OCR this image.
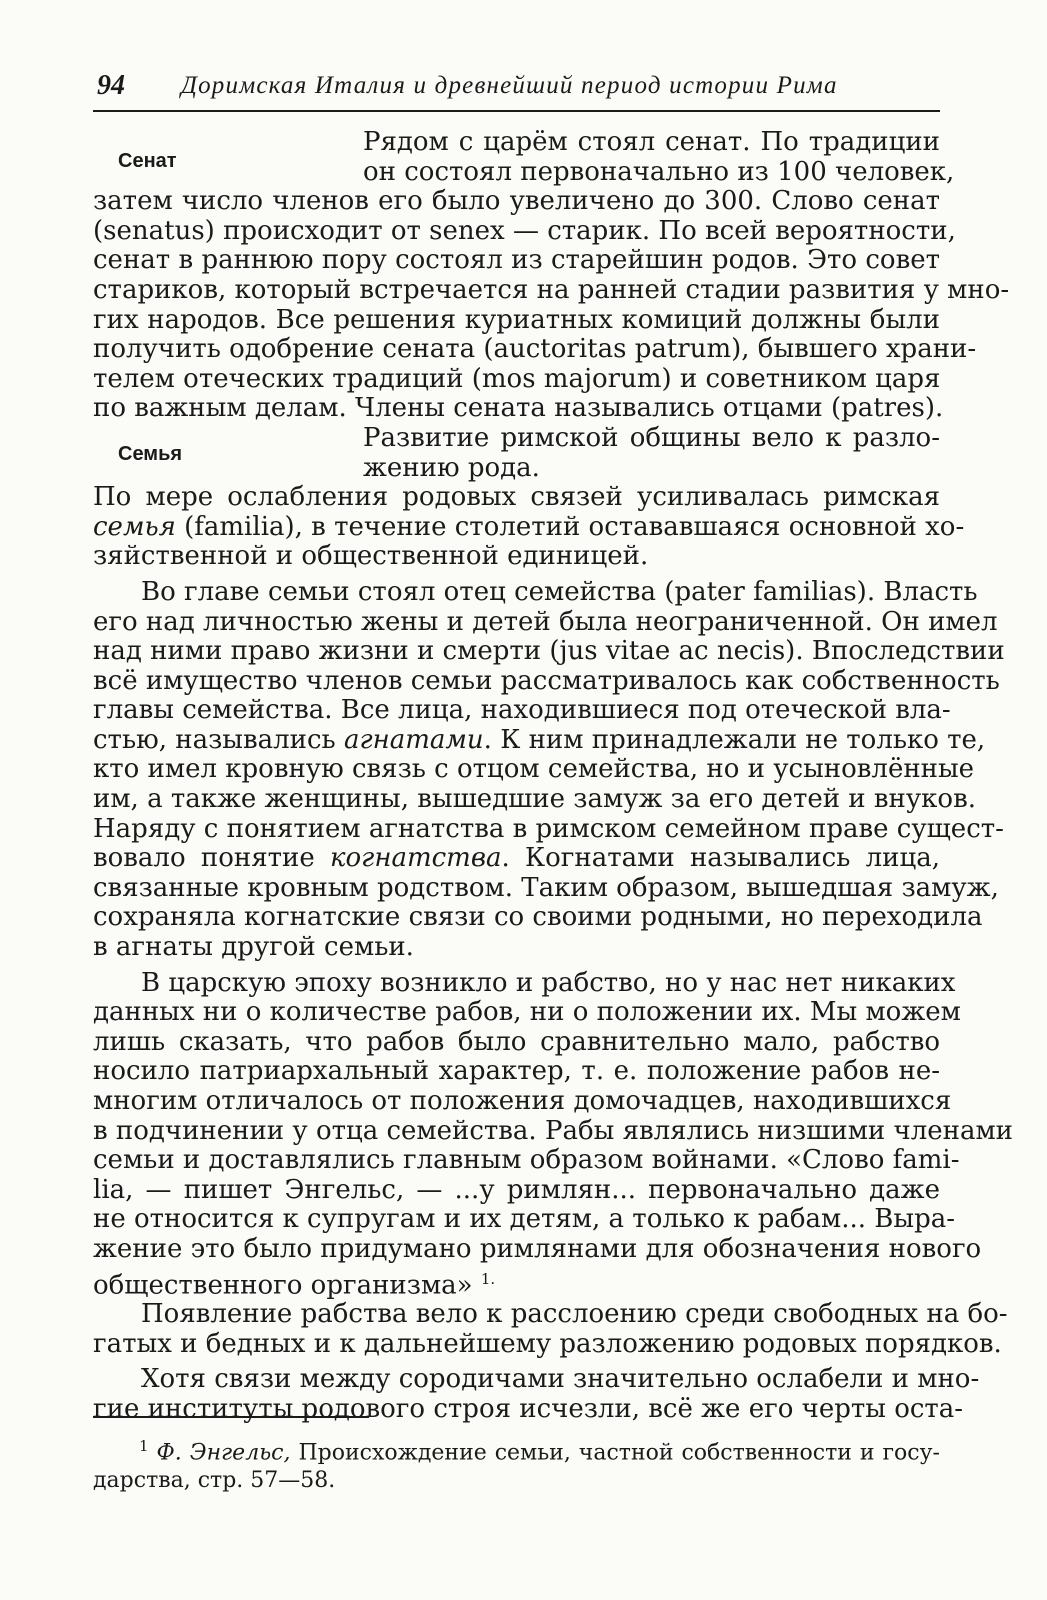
94 Доримская Италия и древнейший период истории Рима
Сенат
Семья
Рядом с царём стоял сенат. По традиции
он состоял первоначально из 100 человек,
затем число членов его было увеличено до 300. Слово сенат
(senatus) происходит от senex — старик. По всей вероятности,
сенат в раннюю пору состоял из старейшин родов. Это совет
стариков, который встречается на ранней стадии развития у мно-
гих народов. Все решения куриатных комиций должны были
получить одобрение сената (auctoritas patrum), бывшего храни-
телем отеческих традиций (mos majorum) и советником царя
по важным делам. Члены сената назывались отцами (patres).
Развитие римской общины вело к разло-
жению рода.
По мере ослабления родовых связей усиливалась римская
семья (familia), в течение столетий остававшаяся основной хо-
зяйственной и общественной единицей.
Во главе семьи стоял отец семейства (pater familias). Власть
его над личностью жены и детей была неограниченной. Он имел
над ними право жизни и смерти (jus vitae ac necis). Впоследствии
всё имущество членов семьи рассматривалось как собственность
главы семейства. Все лица, находившиеся под отеческой вла-
стью, назывались агнатами. К ним принадлежали не только те,
кто имел кровную связь с отцом семейства, но и усыновлённые
им, а также женщины, вышедшие замуж за его детей и внуков.
Наряду с понятием агнатства в римском семейном праве сущест-
вовало понятие когнатства. Когнатами назывались лица,
связанные кровным родством. Таким образом, вышедшая замуж,
сохраняла когнатские связи со своими родными, но переходила
в агнаты другой семьи.
В царскую эпоху возникло и рабство, но у нас нет никаких
данных ни о количестве рабов, ни о положении их. Мы можем
лишь сказать, что рабов было сравнительно мало, рабство
носило патриархальный характер, т. е. положение рабов не-
многим отличалось от положения домочадцев, находившихся
в подчинении у отца семейства. Рабы являлись низшими членами
семьи и доставлялись главным образом войнами. «Слово fami-
lia, — пишет Энгельс, — ...у римлян... первоначально даже
не относится к супругам и их детям, а только к рабам... Выра-
жение это было придумано римлянами для обозначения нового
общественного организма» $^{1.}$
Появление рабства вело к расслоению среди свободных на бо-
гатых и бедных и к дальнейшему разложению родовых порядков.
Хотя связи между сородичами значительно ослабели и мно-
гие институты родового строя исчезли, всё же его черты оста-
$^1$ Ф. Энгельс, Происхождение семьи, частной собственности и госу-
дарства, стр. 57—58.
